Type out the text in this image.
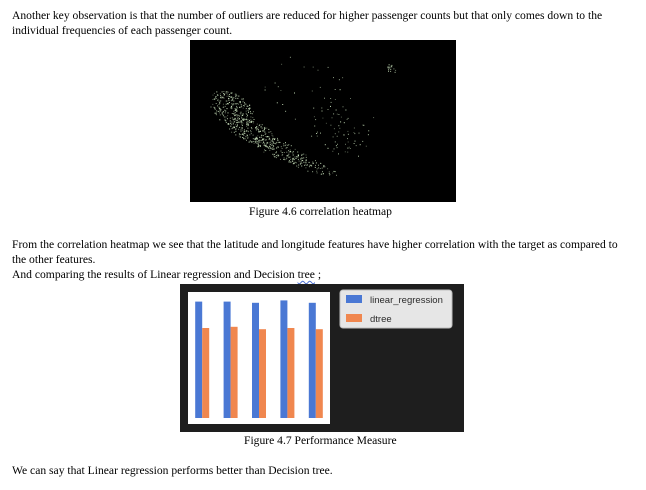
Another key observation is that the number of outliers are reduced for higher passenger counts but that only comes down to the
individual frequencies of each passenger count.

Figure 4.6 correlation heatmap

From the correlation heatmap we see that the latitude and longitude features have higher correlation with the target as compared to
the other features.
And comparing the results of Linear regression and Decision tree ;

linear_regression
dtree
Figure 4.7 Performance Measure

We can say that Linear regression performs better than Decision tree.
